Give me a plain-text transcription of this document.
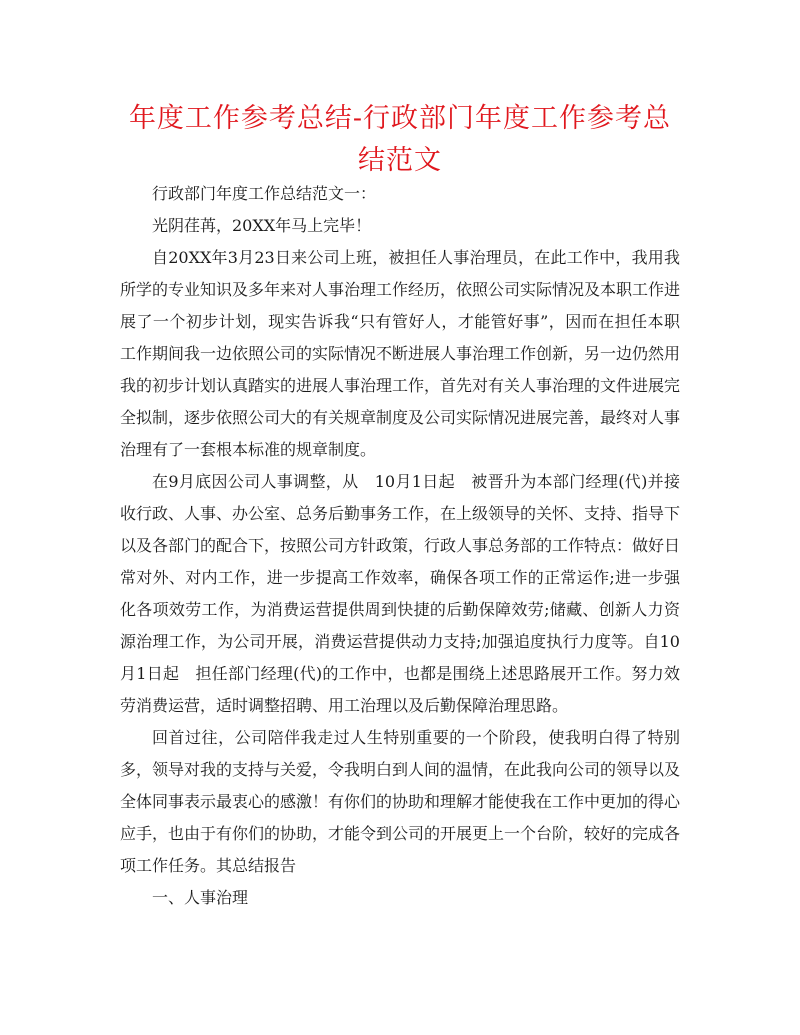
年度工作参考总结-行政部门年度工作参考总结范文

行政部门年度工作总结范文一：

光阴荏苒，20XX年马上完毕！

自20XX年3月23日来公司上班，被担任人事治理员，在此工作中，我用我所学的专业知识及多年来对人事治理工作经历，依照公司实际情况及本职工作进展了一个初步计划，现实告诉我“只有管好人，才能管好事”，因而在担任本职工作期间我一边依照公司的实际情况不断进展人事治理工作创新，另一边仍然用我的初步计划认真踏实的进展人事治理工作，首先对有关人事治理的文件进展完全拟制，逐步依照公司大的有关规章制度及公司实际情况进展完善，最终对人事治理有了一套根本标准的规章制度。

在9月底因公司人事调整，从　10月1日起　被晋升为本部门经理(代)并接收行政、人事、办公室、总务后勤事务工作，在上级领导的关怀、支持、指导下以及各部门的配合下，按照公司方针政策，行政人事总务部的工作特点：做好日常对外、对内工作，进一步提高工作效率，确保各项工作的正常运作;进一步强化各项效劳工作，为消费运营提供周到快捷的后勤保障效劳;储藏、创新人力资源治理工作，为公司开展，消费运营提供动力支持;加强追度执行力度等。自10月1日起　担任部门经理(代)的工作中，也都是围绕上述思路展开工作。努力效劳消费运营，适时调整招聘、用工治理以及后勤保障治理思路。

回首过往，公司陪伴我走过人生特别重要的一个阶段，使我明白得了特别多，领导对我的支持与关爱，令我明白到人间的温情，在此我向公司的领导以及全体同事表示最衷心的感激！有你们的协助和理解才能使我在工作中更加的得心应手，也由于有你们的协助，才能令到公司的开展更上一个台阶，较好的完成各项工作任务。其总结报告

一、人事治理
